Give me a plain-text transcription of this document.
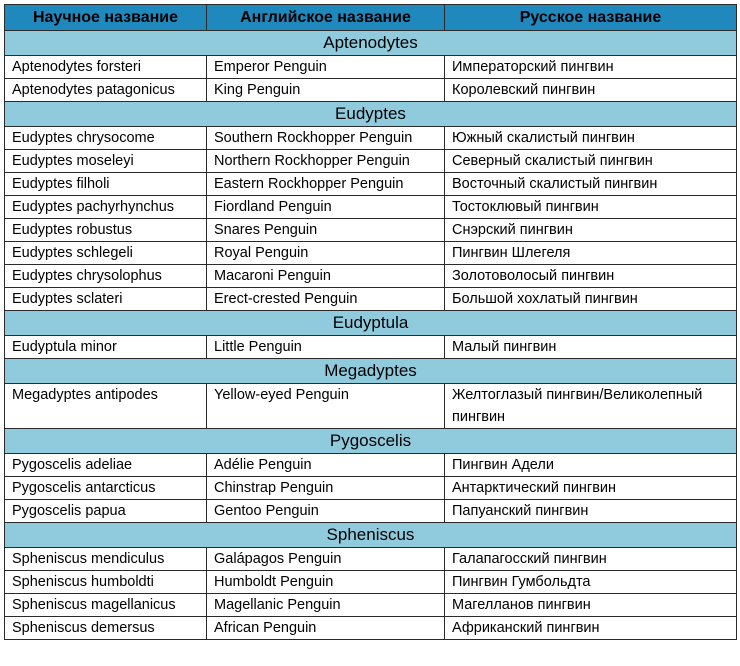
Научное название	Английское название	Русское название
Aptenodytes		
Aptenodytes forsteri	Emperor Penguin	Императорский пингвин
Aptenodytes patagonicus	King Penguin	Королевский пингвин
Eudyptes		
Eudyptes chrysocome	Southern Rockhopper Penguin	Южный скалистый пингвин
Eudyptes moseleyi	Northern Rockhopper Penguin	Северный скалистый пингвин
Eudyptes filholi	Eastern Rockhopper Penguin	Восточный скалистый пингвин
Eudyptes pachyrhynchus	Fiordland Penguin	Тостоклювый пингвин
Eudyptes robustus	Snares Penguin	Снэрский пингвин
Eudyptes schlegeli	Royal Penguin	Пингвин Шлегеля
Eudyptes chrysolophus	Macaroni Penguin	Золотоволосый пингвин
Eudyptes sclateri	Erect-crested Penguin	Большой хохлатый пингвин
Eudyptula		
Eudyptula minor	Little Penguin	Малый пингвин
Megadyptes		
Megadyptes antipodes	Yellow-eyed Penguin	Желтоглазый пингвин/Великолепный пингвин
Pygoscelis		
Pygoscelis adeliae	Adélie Penguin	Пингвин Адели
Pygoscelis antarcticus	Chinstrap Penguin	Антарктический пингвин
Pygoscelis papua	Gentoo Penguin	Папуанский пингвин
Spheniscus		
Spheniscus mendiculus	Galápagos Penguin	Галапагосский пингвин
Spheniscus humboldti	Humboldt Penguin	Пингвин Гумбольдта
Spheniscus magellanicus	Magellanic Penguin	Магелланов пингвин
Spheniscus demersus	African Penguin	Африканский пингвин
